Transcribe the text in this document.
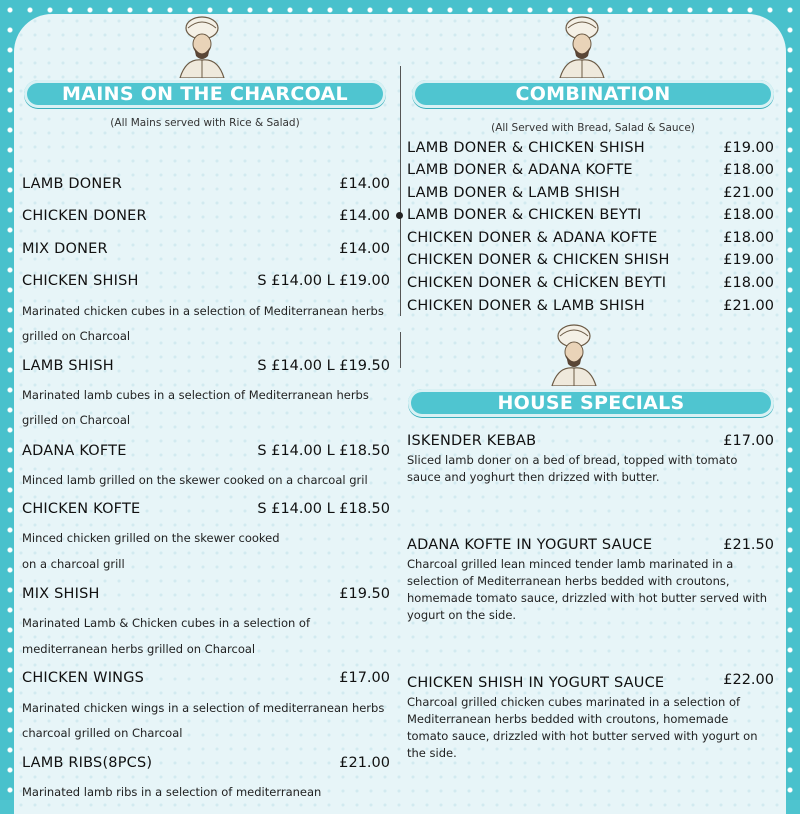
MAINS ON THE CHARCOAL
(All Mains served with Rice & Salad)
LAMB DONER	£14.00
CHICKEN DONER	£14.00
MIX DONER	£14.00
CHICKEN SHISH	S £14.00 L £19.00
Marinated chicken cubes in a selection of Mediterranean herbs
grilled on Charcoal
LAMB SHISH	S £14.00 L £19.50
Marinated lamb cubes in a selection of Mediterranean herbs
grilled on Charcoal
ADANA KOFTE	S £14.00 L £18.50
Minced lamb grilled on the skewer cooked on a charcoal gril
CHICKEN KOFTE	S £14.00 L £18.50
Minced chicken grilled on the skewer cooked
on a charcoal grill
MIX SHISH	£19.50
Marinated Lamb & Chicken cubes in a selection of
mediterranean herbs grilled on Charcoal
CHICKEN WINGS	£17.00
Marinated chicken wings in a selection of mediterranean herbs
charcoal grilled on Charcoal
LAMB RIBS(8PCS)	£21.00
Marinated lamb ribs in a selection of mediterranean
COMBINATION
(All Served with Bread, Salad & Sauce)
LAMB DONER & CHICKEN SHISH	£19.00
LAMB DONER & ADANA KOFTE	£18.00
LAMB DONER & LAMB SHISH	£21.00
LAMB DONER & CHICKEN BEYTI	£18.00
CHICKEN DONER & ADANA KOFTE	£18.00
CHICKEN DONER & CHICKEN SHISH	£19.00
CHICKEN DONER & CHİCKEN BEYTI	£18.00
CHICKEN DONER & LAMB SHISH	£21.00
HOUSE SPECIALS
ISKENDER KEBAB	£17.00
Sliced lamb doner on a bed of bread, topped with tomato
sauce and yoghurt then drizzed with butter.
ADANA KOFTE IN YOGURT SAUCE	£21.50
Charcoal grilled lean minced tender lamb marinated in a
selection of Mediterranean herbs bedded with croutons,
homemade tomato sauce, drizzled with hot butter served with
yogurt on the side.
CHICKEN SHISH IN YOGURT SAUCE	£22.00
Charcoal grilled chicken cubes marinated in a selection of
Mediterranean herbs bedded with croutons, homemade
tomato sauce, drizzled with hot butter served with yogurt on
the side.
